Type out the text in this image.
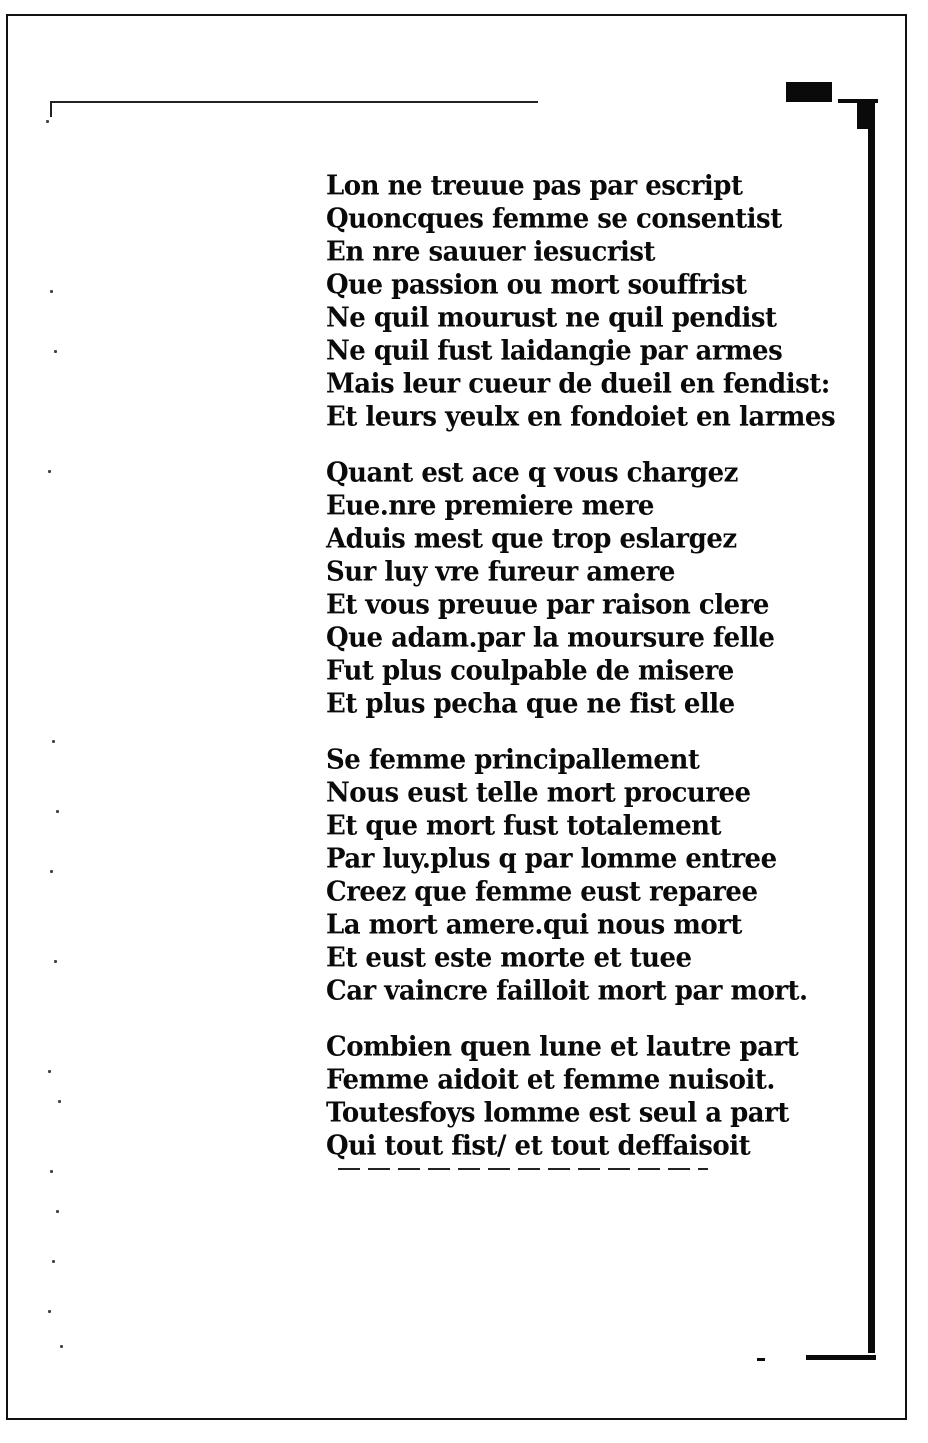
Lon ne treuue pas par escript
Quoncques femme se consentist
En nre sauuer iesucrist
Que passion ou mort souffrist
Ne quil mourust ne quil pendist
Ne quil fust laidangie par armes
Mais leur cueur de dueil en fendist:
Et leurs yeulx en fondoiet en larmes
Quant est ace q vous chargez
Eue.nre premiere mere
Aduis mest que trop eslargez
Sur luy vre fureur amere
Et vous preuue par raison clere
Que adam.par la moursure felle
Fut plus coulpable de misere
Et plus pecha que ne fist elle
Se femme principallement
Nous eust telle mort procuree
Et que mort fust totalement
Par luy.plus q par lomme entree
Creez que femme eust reparee
La mort amere.qui nous mort
Et eust este morte et tuee
Car vaincre failloit mort par mort.
Combien quen lune et lautre part
Femme aidoit et femme nuisoit.
Toutesfoys lomme est seul a part
Qui tout fist/ et tout deffaisoit
